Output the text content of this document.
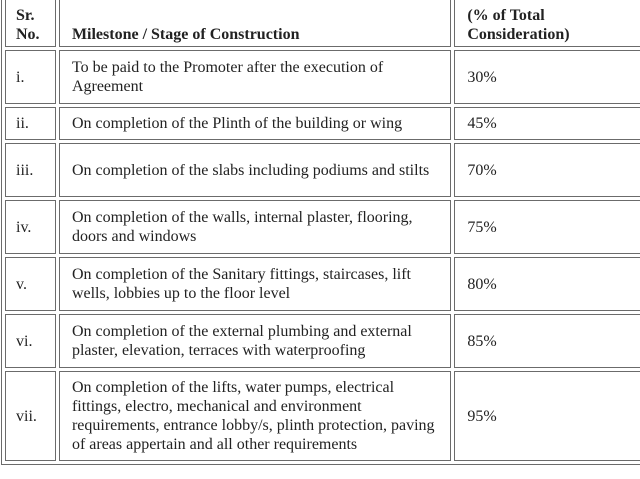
Sr. No.	Milestone / Stage of Construction	(% of Total Consideration)
i.	To be paid to the Promoter after the execution of Agreement	30%
ii.	On completion of the Plinth of the building or wing	45%
iii.	On completion of the slabs including podiums and stilts	70%
iv.	On completion of the walls, internal plaster, flooring, doors and windows	75%
v.	On completion of the Sanitary fittings, staircases, lift wells, lobbies up to the floor level	80%
vi.	On completion of the external plumbing and external plaster, elevation, terraces with waterproofing	85%
vii.	On completion of the lifts, water pumps, electrical fittings, electro, mechanical and environment requirements, entrance lobby/s, plinth protection, paving of areas appertain and all other requirements	95%
